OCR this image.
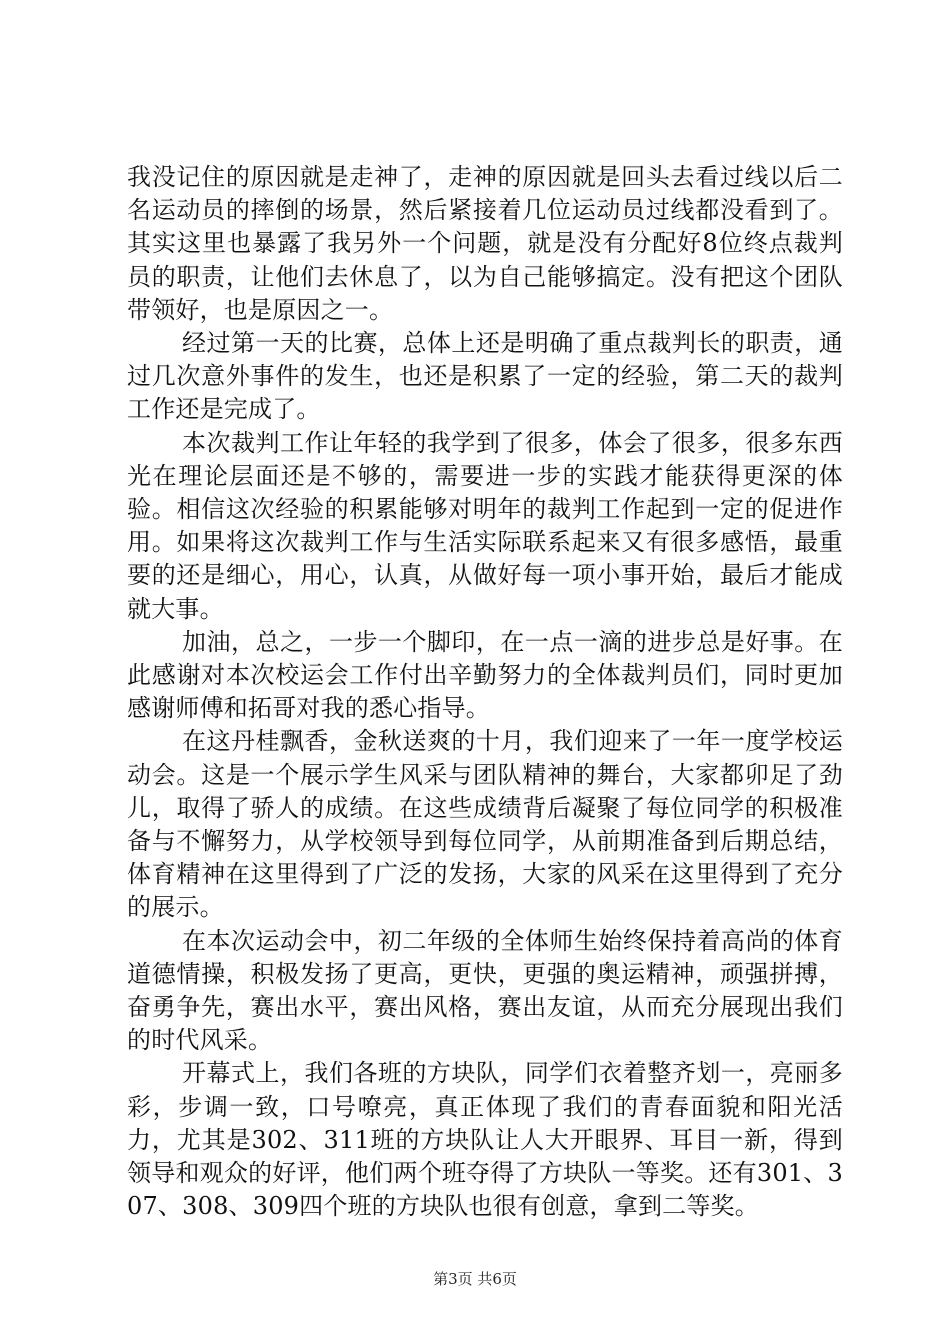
我没记住的原因就是走神了，走神的原因就是回头去看过线以后二名运动员的摔倒的场景，然后紧接着几位运动员过线都没看到了。其实这里也暴露了我另外一个问题，就是没有分配好8位终点裁判员的职责，让他们去休息了，以为自己能够搞定。没有把这个团队带领好，也是原因之一。

经过第一天的比赛，总体上还是明确了重点裁判长的职责，通过几次意外事件的发生，也还是积累了一定的经验，第二天的裁判工作还是完成了。

本次裁判工作让年轻的我学到了很多，体会了很多，很多东西光在理论层面还是不够的，需要进一步的实践才能获得更深的体验。相信这次经验的积累能够对明年的裁判工作起到一定的促进作用。如果将这次裁判工作与生活实际联系起来又有很多感悟，最重要的还是细心，用心，认真，从做好每一项小事开始，最后才能成就大事。

加油，总之，一步一个脚印，在一点一滴的进步总是好事。在此感谢对本次校运会工作付出辛勤努力的全体裁判员们，同时更加感谢师傅和拓哥对我的悉心指导。

在这丹桂飘香，金秋送爽的十月，我们迎来了一年一度学校运动会。这是一个展示学生风采与团队精神的舞台，大家都卯足了劲儿，取得了骄人的成绩。在这些成绩背后凝聚了每位同学的积极准备与不懈努力，从学校领导到每位同学，从前期准备到后期总结，体育精神在这里得到了广泛的发扬，大家的风采在这里得到了充分的展示。

在本次运动会中，初二年级的全体师生始终保持着高尚的体育道德情操，积极发扬了更高，更快，更强的奥运精神，顽强拼搏，奋勇争先，赛出水平，赛出风格，赛出友谊，从而充分展现出我们的时代风采。

开幕式上，我们各班的方块队，同学们衣着整齐划一，亮丽多彩，步调一致，口号嘹亮，真正体现了我们的青春面貌和阳光活力，尤其是302、311班的方块队让人大开眼界、耳目一新，得到领导和观众的好评，他们两个班夺得了方块队一等奖。还有301、307、308、309四个班的方块队也很有创意，拿到二等奖。

第3页 共6页
